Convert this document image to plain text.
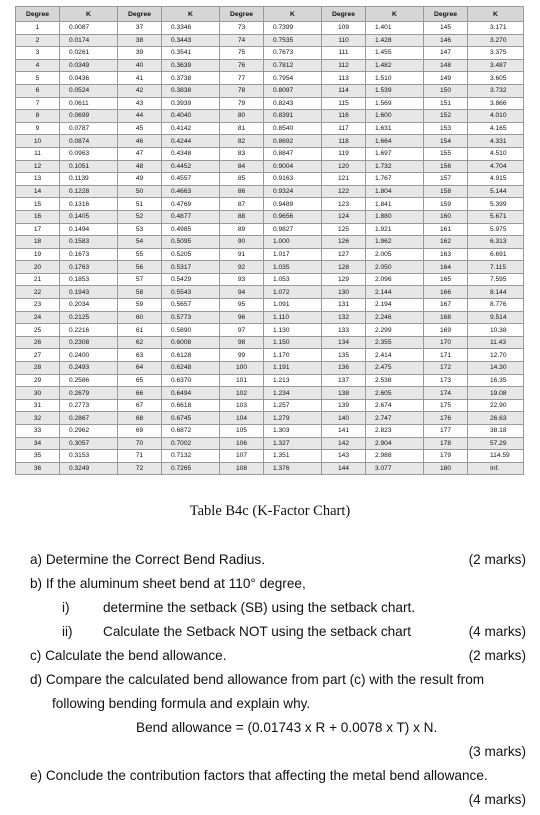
Degree	K	Degree	K	Degree	K	Degree	K	Degree	K
1	0.0087	37	0.3346	73	0.7399	109	1.401	145	3.171
2	0.0174	38	0.3443	74	0.7535	110	1.428	146	3.270
3	0.0261	39	0.3541	75	0.7673	111	1.455	147	3.375
4	0.0349	40	0.3639	76	0.7812	112	1.482	148	3.487
5	0.0436	41	0.3738	77	0.7954	113	1.510	149	3.605
6	0.0524	42	0.3838	78	0.8097	114	1.539	150	3.732
7	0.0611	43	0.3939	79	0.8243	115	1.569	151	3.866
8	0.0699	44	0.4040	80	0.8391	116	1.600	152	4.010
9	0.0787	45	0.4142	81	0.8540	117	1.631	153	4.165
10	0.0874	46	0.4244	82	0.8692	118	1.664	154	4.331
11	0.0963	47	0.4348	83	0.8847	119	1.697	155	4.510
12	0.1051	48	0.4452	84	0.9004	120	1.732	156	4.704
13	0.1139	49	0.4557	85	0.9163	121	1.767	157	4.915
14	0.1228	50	0.4663	86	0.9324	122	1.804	158	5.144
15	0.1316	51	0.4769	87	0.9489	123	1.841	159	5.399
16	0.1405	52	0.4877	88	0.9656	124	1.880	160	5.671
17	0.1494	53	0.4985	89	0.9827	125	1.921	161	5.975
18	0.1583	54	0.5095	90	1.000	126	1.962	162	6.313
19	0.1673	55	0.5205	91	1.017	127	2.005	163	6.691
20	0.1763	56	0.5317	92	1.035	128	2.050	164	7.115
21	0.1853	57	0.5429	93	1.053	129	2.096	165	7.595
22	0.1943	58	0.5543	94	1.072	130	2.144	166	8.144
23	0.2034	59	0.5657	95	1.091	131	2.194	167	8.776
24	0.2125	60	0.5773	96	1.110	132	2.246	168	9.514
25	0.2216	61	0.5890	97	1.130	133	2.299	169	10.38
26	0.2308	62	0.6008	98	1.150	134	2.355	170	11.43
27	0.2400	63	0.6128	99	1.170	135	2.414	171	12.70
28	0.2493	64	0.6248	100	1.191	136	2.475	172	14.30
29	0.2586	65	0.6370	101	1.213	137	2.538	173	16.35
30	0.2679	66	0.6494	102	1.234	138	2.605	174	19.08
31	0.2773	67	0.6618	103	1.257	139	2.674	175	22.90
32	0.2867	68	0.6745	104	1.279	140	2.747	176	26.63
33	0.2962	69	0.6872	105	1.303	141	2.823	177	38.18
34	0.3057	70	0.7002	106	1.327	142	2.904	178	57.29
35	0.3153	71	0.7132	107	1.351	143	2.988	179	114.59
36	0.3249	72	0.7265	108	1.376	144	3.077	180	Inf.
Table B4c (K-Factor Chart)
a) Determine the Correct Bend Radius.	(2 marks)
b) If the aluminum sheet bend at 110° degree,
i) determine the setback (SB) using the setback chart.
ii) Calculate the Setback NOT using the setback chart	(4 marks)
c) Calculate the bend allowance.	(2 marks)
d) Compare the calculated bend allowance from part (c) with the result from
following bending formula and explain why.
Bend allowance = (0.01743 x R + 0.0078 x T) x N.
(3 marks)
e) Conclude the contribution factors that affecting the metal bend allowance.
(4 marks)
